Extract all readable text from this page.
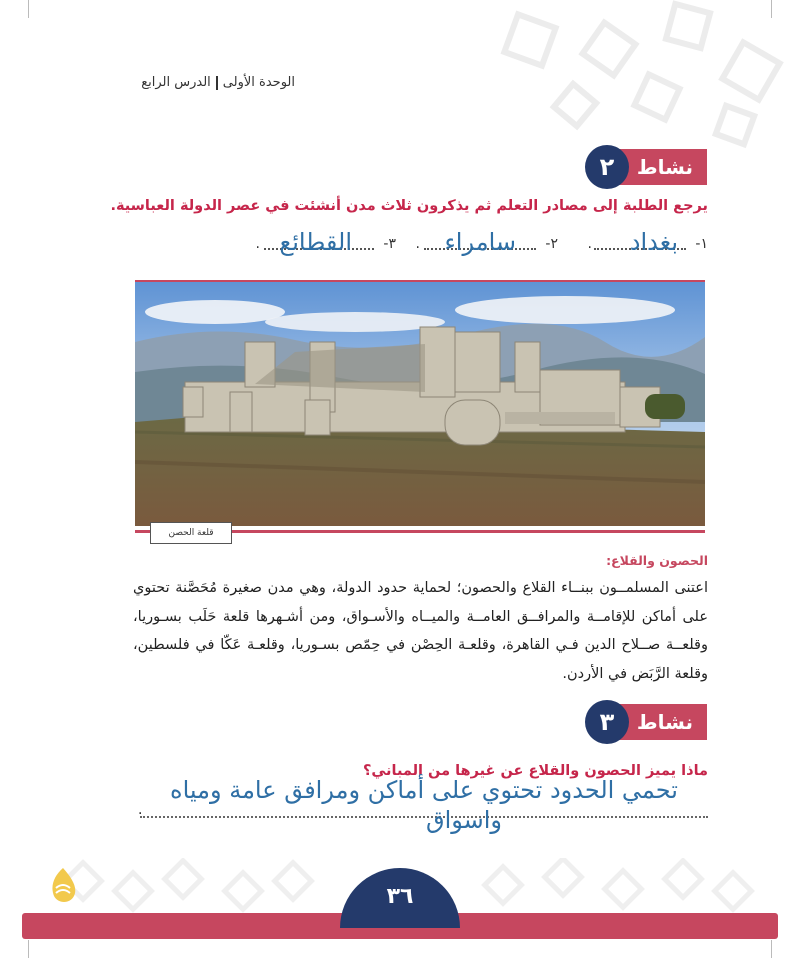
الوحدة الأولىالدرس الرابع
نشاط
٢
يرجع الطلبة إلى مصادر التعلم ثم يذكرون ثلاث مدن أنشئت في عصر الدولة العباسية.
١-
بغداد
.
٢-
سامراء
.
٣-
القطائع
.
قلعة الحصن
الحصون والقلاع:
اعتنى المسلمــون ببنــاء القلاع والحصون؛ لحماية حدود الدولة، وهي مدن صغيرة مُحَصَّنة تحتوي على أماكن للإقامــة والمرافــق العامــة والميــاه والأسـواق، ومن أشـهرها قلعة حَلَب بسـوريا، وقلعــة صــلاح الدين فـي القاهرة، وقلعـة الحِصْن في حِمّص بسـوريا، وقلعـة عَكّا في فلسطين، وقلعة الرَّبَض في الأردن.
نشاط
٣
ماذا يميز الحصون والقلاع عن غيرها من المباني؟
.
تحمي الحدود تحتوي على أماكن ومرافق عامة ومياه
واسواق
٣٦
